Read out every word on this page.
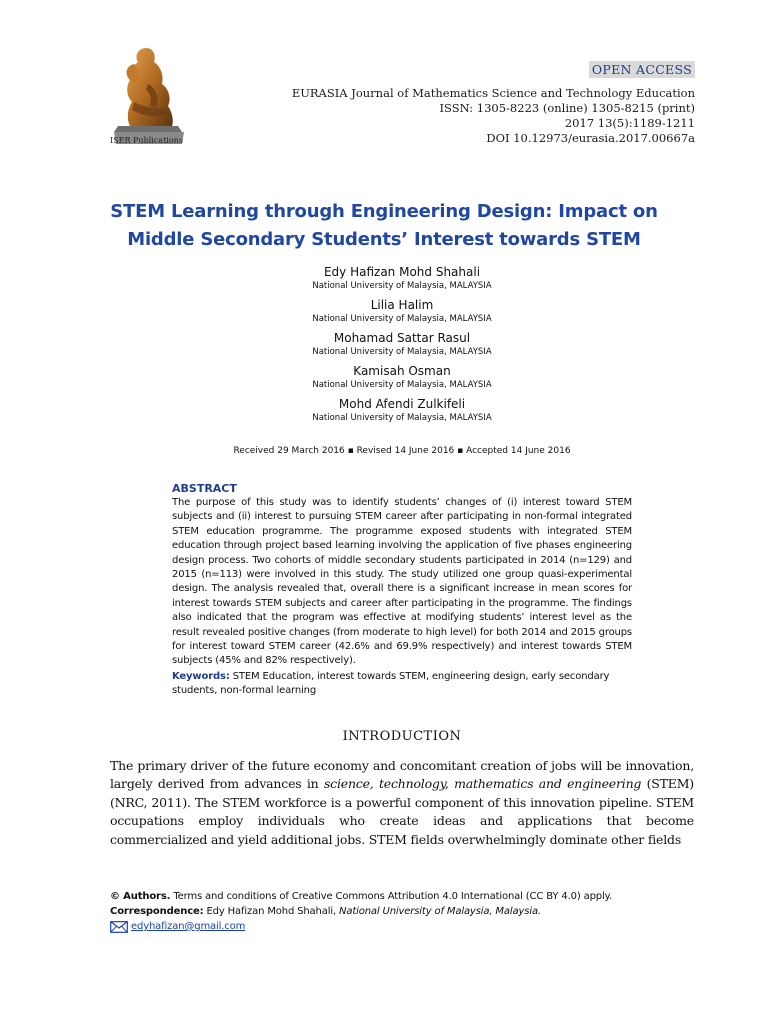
ISER Publications
OPEN ACCESS
EURASIA Journal of Mathematics Science and Technology Education
ISSN: 1305-8223 (online) 1305-8215 (print)
2017 13(5):1189-1211
DOI 10.12973/eurasia.2017.00667a
STEM Learning through Engineering Design: Impact on
Middle Secondary Students’ Interest towards STEM
Edy Hafizan Mohd Shahali
National University of Malaysia, MALAYSIA
Lilia Halim
National University of Malaysia, MALAYSIA
Mohamad Sattar Rasul
National University of Malaysia, MALAYSIA
Kamisah Osman
National University of Malaysia, MALAYSIA
Mohd Afendi Zulkifeli
National University of Malaysia, MALAYSIA
Received 29 March 2016 ▪ Revised 14 June 2016 ▪ Accepted 14 June 2016
ABSTRACT
The purpose of this study was to identify students’ changes of (i) interest toward STEM subjects and (ii) interest to pursuing STEM career after participating in non-formal integrated STEM education programme. The programme exposed students with integrated STEM education through project based learning involving the application of five phases engineering design process. Two cohorts of middle secondary students participated in 2014 (n=129) and 2015 (n=113) were involved in this study. The study utilized one group quasi-experimental design. The analysis revealed that, overall there is a significant increase in mean scores for interest towards STEM subjects and career after participating in the programme. The findings also indicated that the program was effective at modifying students’ interest level as the result revealed positive changes (from moderate to high level) for both 2014 and 2015 groups for interest toward STEM career (42.6% and 69.9% respectively) and interest towards STEM subjects (45% and 82% respectively).
Keywords: STEM Education, interest towards STEM, engineering design, early secondary students, non-formal learning
INTRODUCTION
The primary driver of the future economy and concomitant creation of jobs will be innovation, largely derived from advances in science, technology, mathematics and engineering (STEM) (NRC, 2011). The STEM workforce is a powerful component of this innovation pipeline. STEM occupations employ individuals who create ideas and applications that become commercialized and yield additional jobs. STEM fields overwhelmingly dominate other fields
© Authors. Terms and conditions of Creative Commons Attribution 4.0 International (CC BY 4.0) apply.
Correspondence: Edy Hafizan Mohd Shahali, National University of Malaysia, Malaysia.
edyhafizan@gmail.com
